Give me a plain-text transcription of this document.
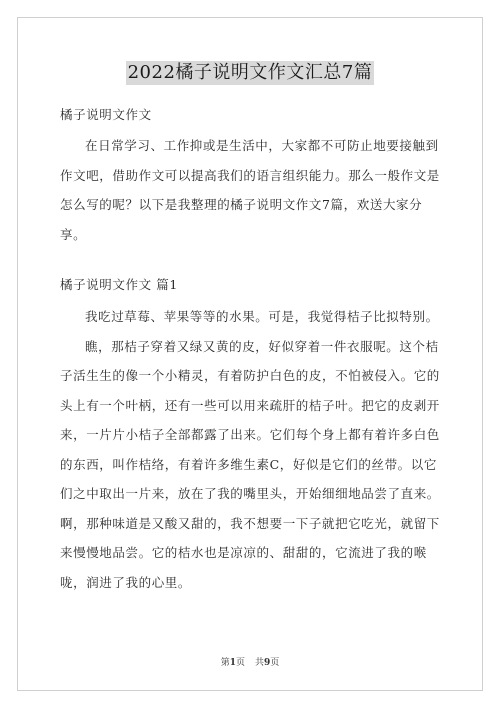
2022橘子说明文作文汇总7篇

橘子说明文作文

在日常学习、工作抑或是生活中，大家都不可防止地要接触到作文吧，借助作文可以提高我们的语言组织能力。那么一般作文是怎么写的呢？以下是我整理的橘子说明文作文7篇，欢送大家分享。

橘子说明文作文 篇1

我吃过草莓、苹果等等的水果。可是，我觉得桔子比拟特别。

瞧，那桔子穿着又绿又黄的皮，好似穿着一件衣服呢。这个桔子活生生的像一个小精灵，有着防护白色的皮，不怕被侵入。它的头上有一个叶柄，还有一些可以用来疏肝的桔子叶。把它的皮剥开来，一片片小桔子全部都露了出来。它们每个身上都有着许多白色的东西，叫作桔络，有着许多维生素C，好似是它们的丝带。以它们之中取出一片来，放在了我的嘴里头，开始细细地品尝了直来。啊，那种味道是又酸又甜的，我不想要一下子就把它吃光，就留下来慢慢地品尝。它的桔水也是凉凉的、甜甜的，它流进了我的喉咙，润进了我的心里。

第1页 共9页
